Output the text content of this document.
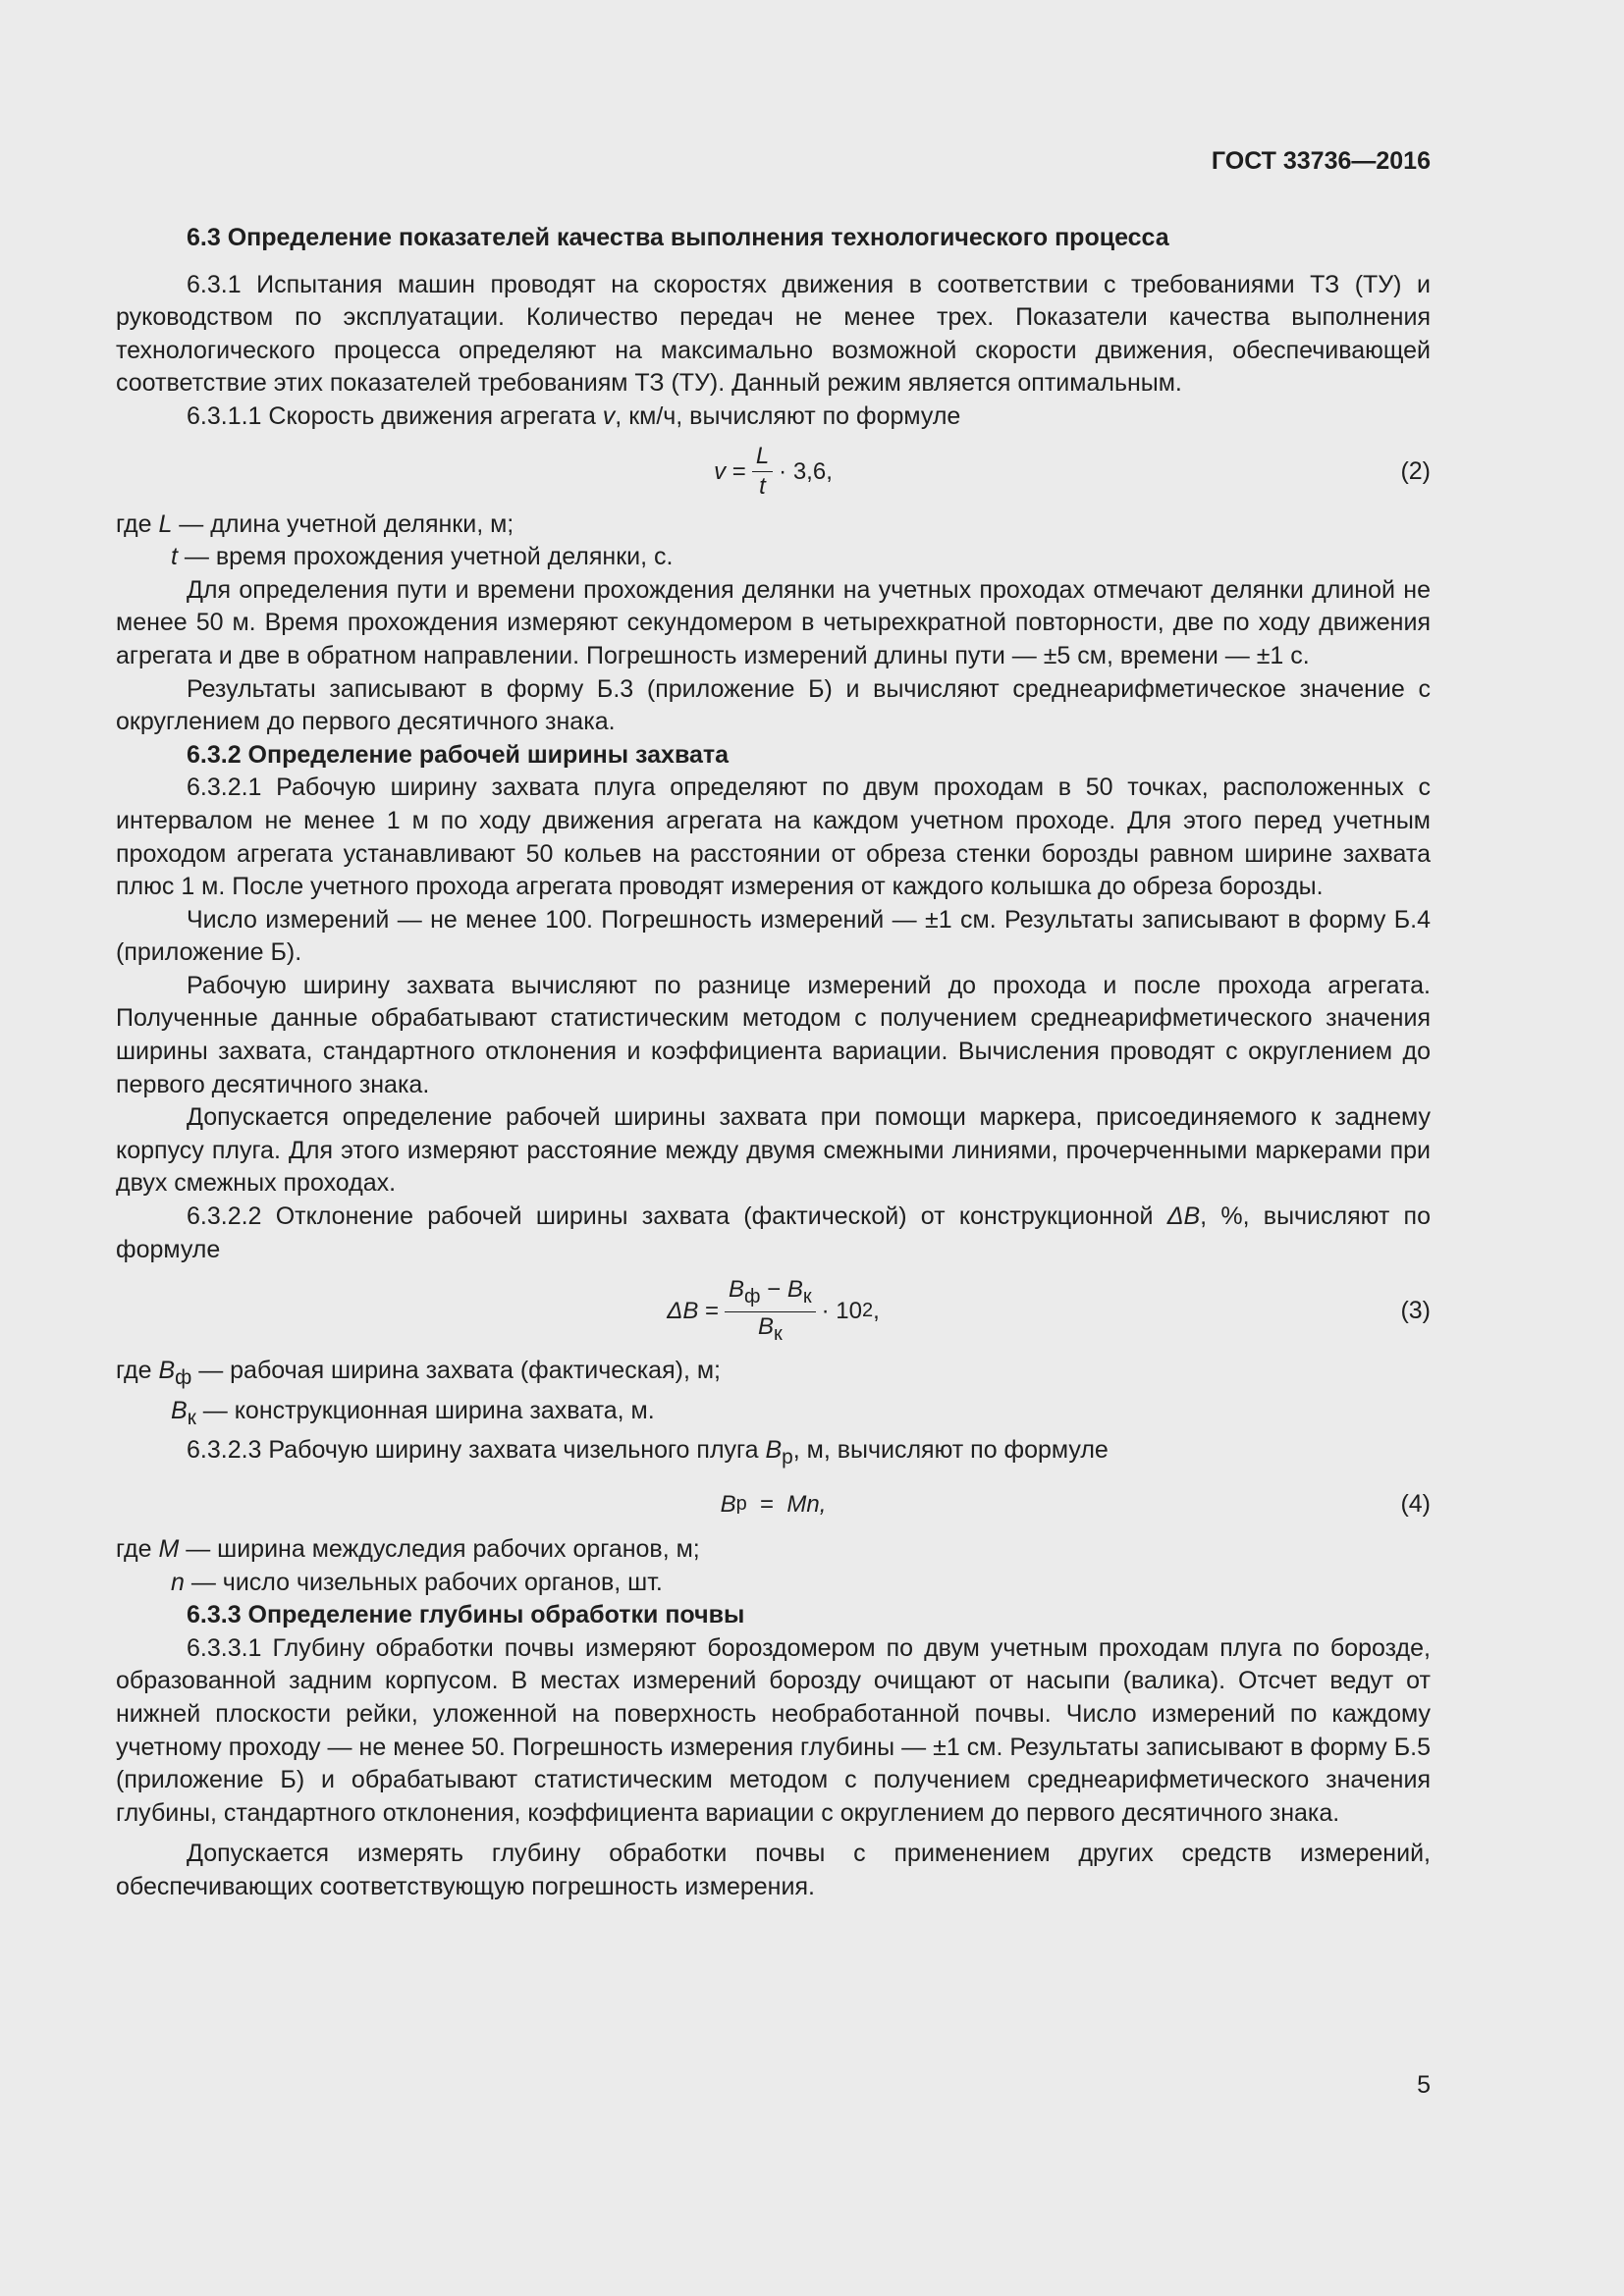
ГОСТ 33736—2016

6.3 Определение показателей качества выполнения технологического процесса

6.3.1 Испытания машин проводят на скоростях движения в соответствии с требованиями ТЗ (ТУ) и руководством по эксплуатации. Количество передач не менее трех. Показатели качества выполнения технологического процесса определяют на максимально возможной скорости движения, обеспечивающей соответствие этих показателей требованиям ТЗ (ТУ). Данный режим является оптимальным.

6.3.1.1 Скорость движения агрегата v, км/ч, вычисляют по формуле

v
= $\frac{L}{t} \cdot 3,6$,	(2)

где L — длина учетной делянки, м;

t — время прохождения учетной делянки, с.

Для определения пути и времени прохождения делянки на учетных проходах отмечают делянки длиной не менее 50 м. Время прохождения измеряют секундомером в четырехкратной повторности, две по ходу движения агрегата и две в обратном направлении. Погрешность измерений длины пути — ±5 см, времени — ±1 с.

Результаты записывают в форму Б.3 (приложение Б) и вычисляют среднеарифметическое значение с округлением до первого десятичного знака.

6.3.2 Определение рабочей ширины захвата

6.3.2.1 Рабочую ширину захвата плуга определяют по двум проходам в 50 точках, расположенных с интервалом не менее 1 м по ходу движения агрегата на каждом учетном проходе. Для этого перед учетным проходом агрегата устанавливают 50 кольев на расстоянии от обреза стенки борозды равном ширине захвата плюс 1 м. После учетного прохода агрегата проводят измерения от каждого колышка до обреза борозды.

Число измерений — не менее 100. Погрешность измерений — ±1 см. Результаты записывают в форму Б.4 (приложение Б).

Рабочую ширину захвата вычисляют по разнице измерений до прохода и после прохода агрегата. Полученные данные обрабатывают статистическим методом с получением среднеарифметического значения ширины захвата, стандартного отклонения и коэффициента вариации. Вычисления проводят с округлением до первого десятичного знака.

Допускается определение рабочей ширины захвата при помощи маркера, присоединяемого к заднему корпусу плуга. Для этого измеряют расстояние между двумя смежными линиями, прочерченными маркерами при двух смежных проходах.

6.3.2.2 Отклонение рабочей ширины захвата (фактической) от конструкционной ΔB, %, вычисляют по формуле

ΔB
= $\frac{B_ф - B_к}{B_к} \cdot 10$ 2 ,	(3)

где $B_ф$ — рабочая ширина захвата (фактическая), м;

$B_к$ — конструкционная ширина захвата, м.

6.3.2.3 Рабочую ширину захвата чизельного плуга $B_р$, м, вычисляют по формуле

B р
=
Mn,	(4)

где M — ширина междуследия рабочих органов, м;

n — число чизельных рабочих органов, шт.

6.3.3 Определение глубины обработки почвы

6.3.3.1 Глубину обработки почвы измеряют бороздомером по двум учетным проходам плуга по борозде, образованной задним корпусом. В местах измерений борозду очищают от насыпи (валика). Отсчет ведут от нижней плоскости рейки, уложенной на поверхность необработанной почвы. Число измерений по каждому учетному проходу — не менее 50. Погрешность измерения глубины — ±1 см. Результаты записывают в форму Б.5 (приложение Б) и обрабатывают статистическим методом с получением среднеарифметического значения глубины, стандартного отклонения, коэффициента вариации с округлением до первого десятичного знака.

Допускается измерять глубину обработки почвы с применением других средств измерений, обеспечивающих соответствующую погрешность измерения.

5
